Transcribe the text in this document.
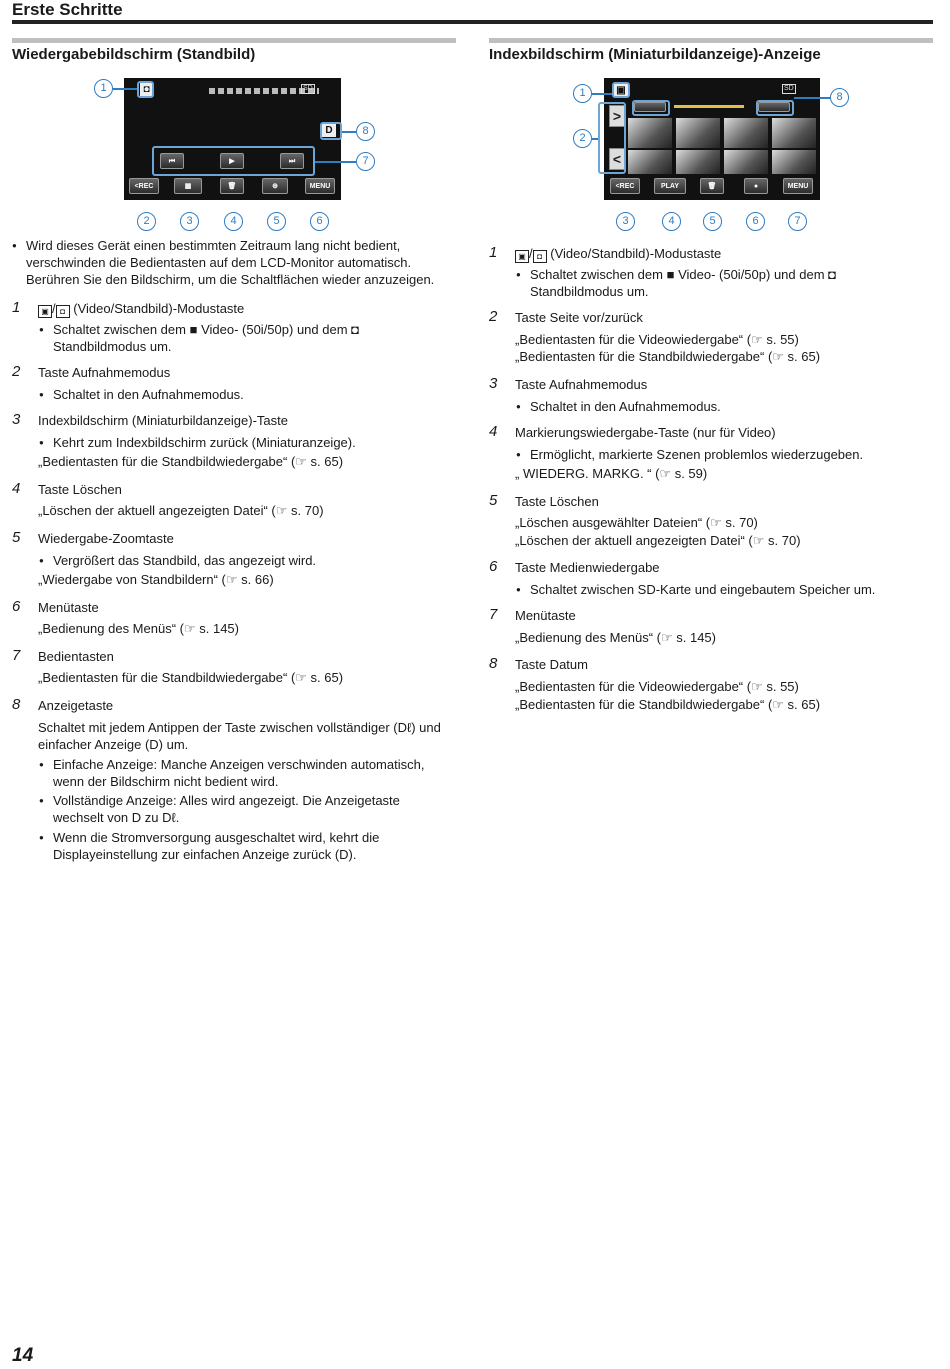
Erste Schritte
Wiedergabebildschirm (Standbild)	Indexbildschirm (Miniaturbildanzeige)-Anzeige
◘	SD
D
⏮	▶	⏭
<REC	▦	🗑	⊕	MENU
1
8
7
2	3	4	5	6
▣	SD
>
<
<REC	PLAY	🗑	●	MENU
1
2
8
3	4	5	6	7
● Wird dieses Gerät einen bestimmten Zeitraum lang nicht bedient, verschwinden die Bedientasten auf dem LCD-Monitor automatisch. Berühren Sie den Bildschirm, um die Schaltflächen wieder anzuzeigen.
1	▣ / ◘ (Video/Standbild)-Modustaste
● Schaltet zwischen dem ■ Video- (50i/50p) und dem ◘
Standbildmodus um.
2 Taste Aufnahmemodus
● Schaltet in den Aufnahmemodus.
3 Indexbildschirm (Miniaturbildanzeige)-Taste
● Kehrt zum Indexbildschirm zurück (Miniaturanzeige).
„Bedientasten für die Standbildwiedergabe“ (☞ s. 65)
4 Taste Löschen
„Löschen der aktuell angezeigten Datei“ (☞ s. 70)
5 Wiedergabe-Zoomtaste
● Vergrößert das Standbild, das angezeigt wird.
„Wiedergabe von Standbildern“ (☞ s. 66)
6 Menütaste
„Bedienung des Menüs“ (☞ s. 145)
7 Bedientasten
„Bedientasten für die Standbildwiedergabe“ (☞ s. 65)
8 Anzeigetaste
Schaltet mit jedem Antippen der Taste zwischen vollständiger (Dℓ) und
einfacher Anzeige (D) um.
● Einfache Anzeige: Manche Anzeigen verschwinden automatisch,
wenn der Bildschirm nicht bedient wird.
● Vollständige Anzeige: Alles wird angezeigt. Die Anzeigetaste
wechselt von D zu Dℓ.
● Wenn die Stromversorgung ausgeschaltet wird, kehrt die
Displayeinstellung zur einfachen Anzeige zurück (D).
1	▣ / ◘ (Video/Standbild)-Modustaste
● Schaltet zwischen dem ■ Video- (50i/50p) und dem ◘
Standbildmodus um.
2 Taste Seite vor/zurück
„Bedientasten für die Videowiedergabe“ (☞ s. 55)
„Bedientasten für die Standbildwiedergabe“ (☞ s. 65)
3 Taste Aufnahmemodus
● Schaltet in den Aufnahmemodus.
4 Markierungswiedergabe-Taste (nur für Video)
● Ermöglicht, markierte Szenen problemlos wiederzugeben.
„ WIEDERG. MARKG. “ (☞ s. 59)
5 Taste Löschen
„Löschen ausgewählter Dateien“ (☞ s. 70)
„Löschen der aktuell angezeigten Datei“ (☞ s. 70)
6 Taste Medienwiedergabe
● Schaltet zwischen SD-Karte und eingebautem Speicher um.
7 Menütaste
„Bedienung des Menüs“ (☞ s. 145)
8 Taste Datum
„Bedientasten für die Videowiedergabe“ (☞ s. 55)
„Bedientasten für die Standbildwiedergabe“ (☞ s. 65)
14
